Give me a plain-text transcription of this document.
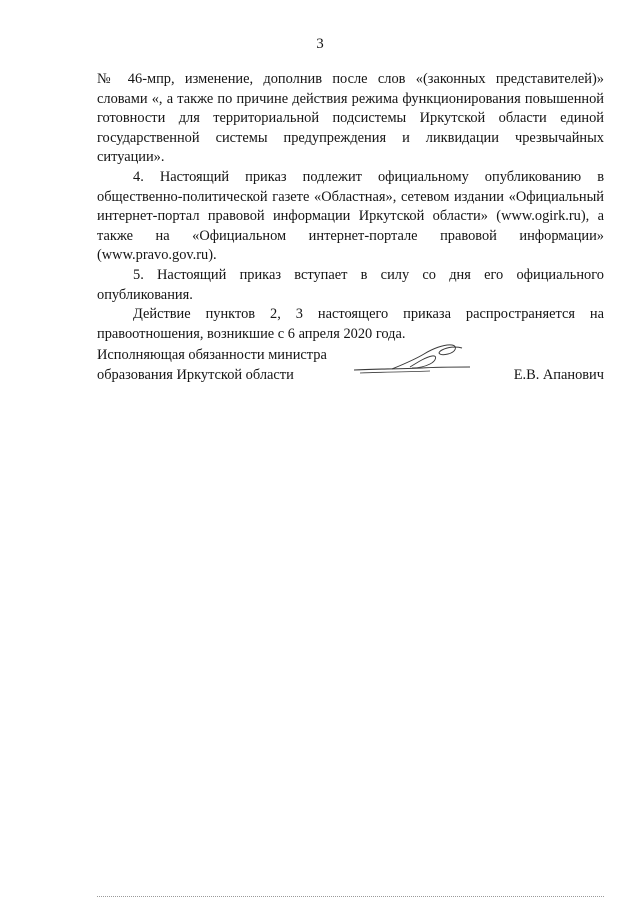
3

№ 46-мпр, изменение, дополнив после слов «(законных представителей)» словами «, а также по причине действия режима функционирования повышенной готовности для территориальной подсистемы Иркутской области единой государственной системы предупреждения и ликвидации чрезвычайных ситуации».

4. Настоящий приказ подлежит официальному опубликованию в общественно-политической газете «Областная», сетевом издании «Официальный интернет-портал правовой информации Иркутской области» (www.ogirk.ru), а также на «Официальном интернет-портале правовой информации» (www.pravo.gov.ru).

5. Настоящий приказ вступает в силу со дня его официального опубликования.

Действие пунктов 2, 3 настоящего приказа распространяется на правоотношения, возникшие с 6 апреля 2020 года.

Исполняющая обязанности министра
образования Иркутской области	Е.В. Апанович
